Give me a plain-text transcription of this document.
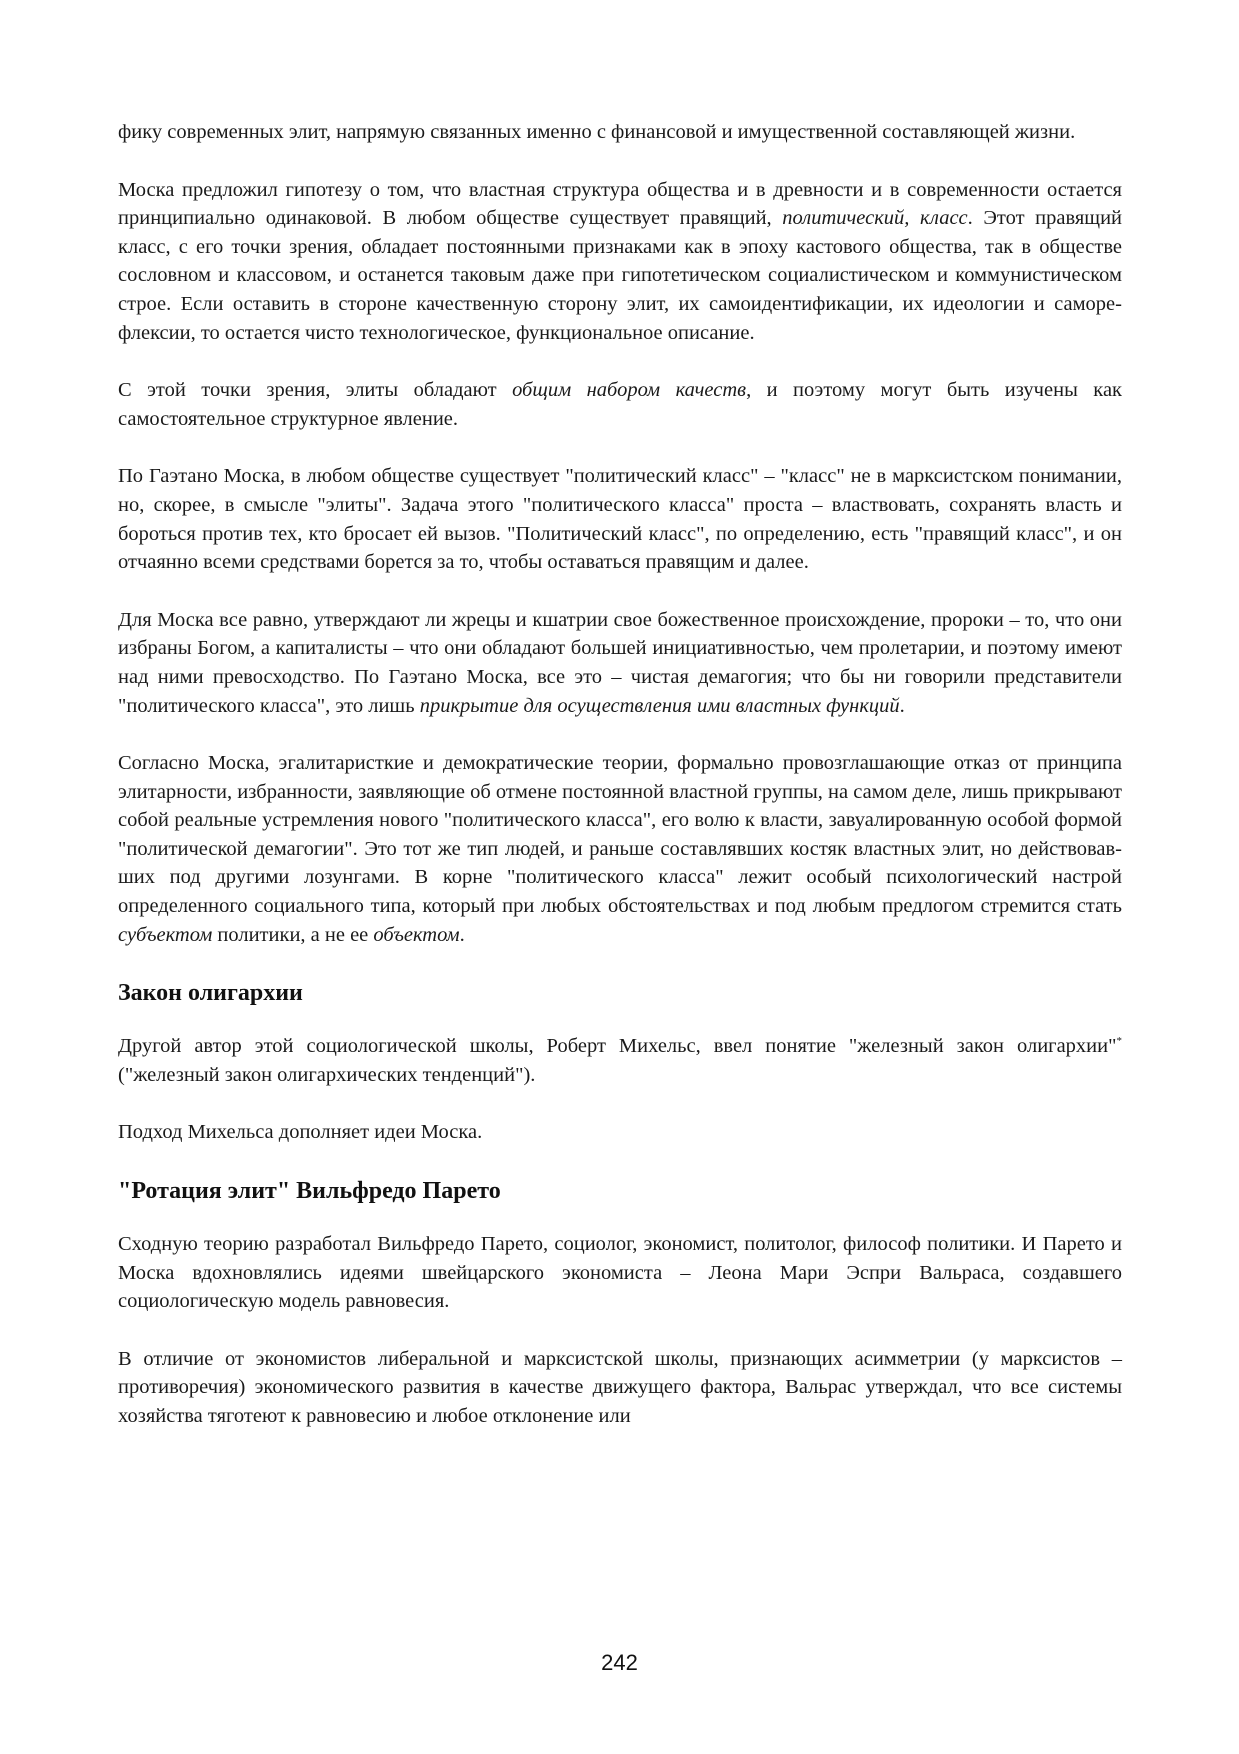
фику современных элит, напрямую связанных именно с финансовой и имущественной составляющей жизни.

Моска предложил гипотезу о том, что властная структура общества и в древности и в современности остается принципиально одинаковой. В любом обществе существует правящий, политический, класс. Этот правящий класс, с его точки зрения, обладает постоянными признаками как в эпоху кастового общества, так в обществе сословном и классовом, и останется таковым даже при гипотетическом социалистическом и коммунистическом строе. Если оставить в стороне качественную сторону элит, их самоидентификации, их идеологии и саморефлексии, то остается чисто технологическое, функциональное описание.

С этой точки зрения, элиты обладают общим набором качеств, и поэтому могут быть изучены как самостоятельное структурное явление.

По Гаэтано Моска, в любом обществе существует "политический класс" – "класс" не в марксистском понимании, но, скорее, в смысле "элиты". Задача этого "политического класса" проста – властвовать, сохранять власть и бороться против тех, кто бросает ей вызов. "Политический класс", по определению, есть "правящий класс", и он отчаянно всеми средствами борется за то, чтобы оставаться правящим и далее.

Для Моска все равно, утверждают ли жрецы и кшатрии свое божественное происхождение, пророки – то, что они избраны Богом, а капиталисты – что они обладают большей инициативностью, чем пролетарии, и поэтому имеют над ними превосходство. По Гаэтано Моска, все это – чистая демагогия; что бы ни говорили представители "политического класса", это лишь прикрытие для осуществления ими властных функций.

Согласно Моска, эгалитаристкие и демократические теории, формально провозглашающие отказ от принципа элитарности, избранности, заявляющие об отмене постоянной властной группы, на самом деле, лишь прикрывают собой реальные устремления нового "политического класса", его волю к власти, завуалированную особой формой "политической демагогии". Это тот же тип людей, и раньше составлявших костяк властных элит, но действовавших под другими лозунгами. В корне "политического класса" лежит особый психологический настрой определенного социального типа, который при любых обстоятельствах и под любым предлогом стремится стать субъектом политики, а не ее объектом.

Закон олигархии

Другой автор этой социологической школы, Роберт Михельс, ввел понятие "железный закон олигархии"* ("железный закон олигархических тенденций").

Подход Михельса дополняет идеи Моска.

"Ротация элит" Вильфредо Парето

Сходную теорию разработал Вильфредо Парето, социолог, экономист, политолог, философ политики. И Парето и Моска вдохновлялись идеями швейцарского экономиста – Леона Мари Эспри Вальраса, создавшего социологическую модель равновесия.

В отличие от экономистов либеральной и марксистской школы, признающих асимметрии (у марксистов – противоречия) экономического развития в качестве движущего фактора, Вальрас утверждал, что все системы хозяйства тяготеют к равновесию и любое отклонение или

242
